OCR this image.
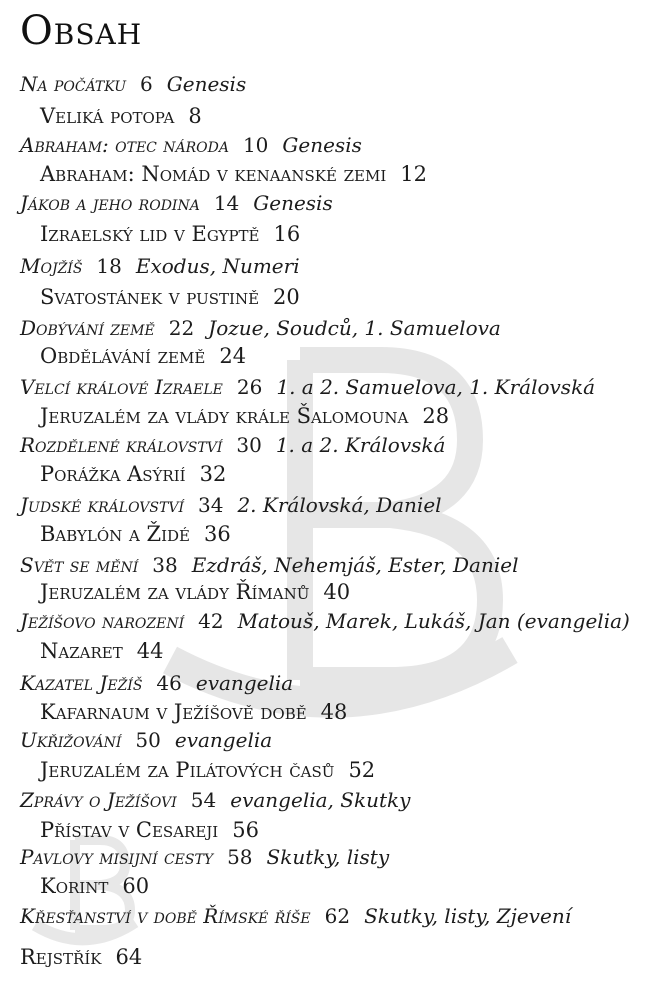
Obsah
Na počátku 6 Genesis
Veliká potopa 8
Abraham: otec národa 10 Genesis
Abraham: Nomád v kenaanské zemi 12
Jákob a jeho rodina 14 Genesis
Izraelský lid v Egyptě 16
Mojžíš 18 Exodus, Numeri
Svatostánek v pustině 20
Dobývání země 22 Jozue, Soudců, 1. Samuelova
Obdělávání země 24
Velcí králové Izraele 26 1. a 2. Samuelova, 1. Královská
Jeruzalém za vlády krále Šalomouna 28
Rozdělené království 30 1. a 2. Královská
Porážka Asýrií 32
Judské království 34 2. Královská, Daniel
Babylón a Židé 36
Svět se mění 38 Ezdráš, Nehemjáš, Ester, Daniel
Jeruzalém za vlády Římanů 40
Ježíšovo narození 42 Matouš, Marek, Lukáš, Jan (evangelia)
Nazaret 44
Kazatel Ježíš 46 evangelia
Kafarnaum v Ježíšově době 48
Ukřižování 50 evangelia
Jeruzalém za Pilátových časů 52
Zprávy o Ježíšovi 54 evangelia, Skutky
Přístav v Cesareji 56
Pavlovy misijní cesty 58 Skutky, listy
Korint 60
Křesťanství v době Římské říše 62 Skutky, listy, Zjevení
Rejstřík 64
